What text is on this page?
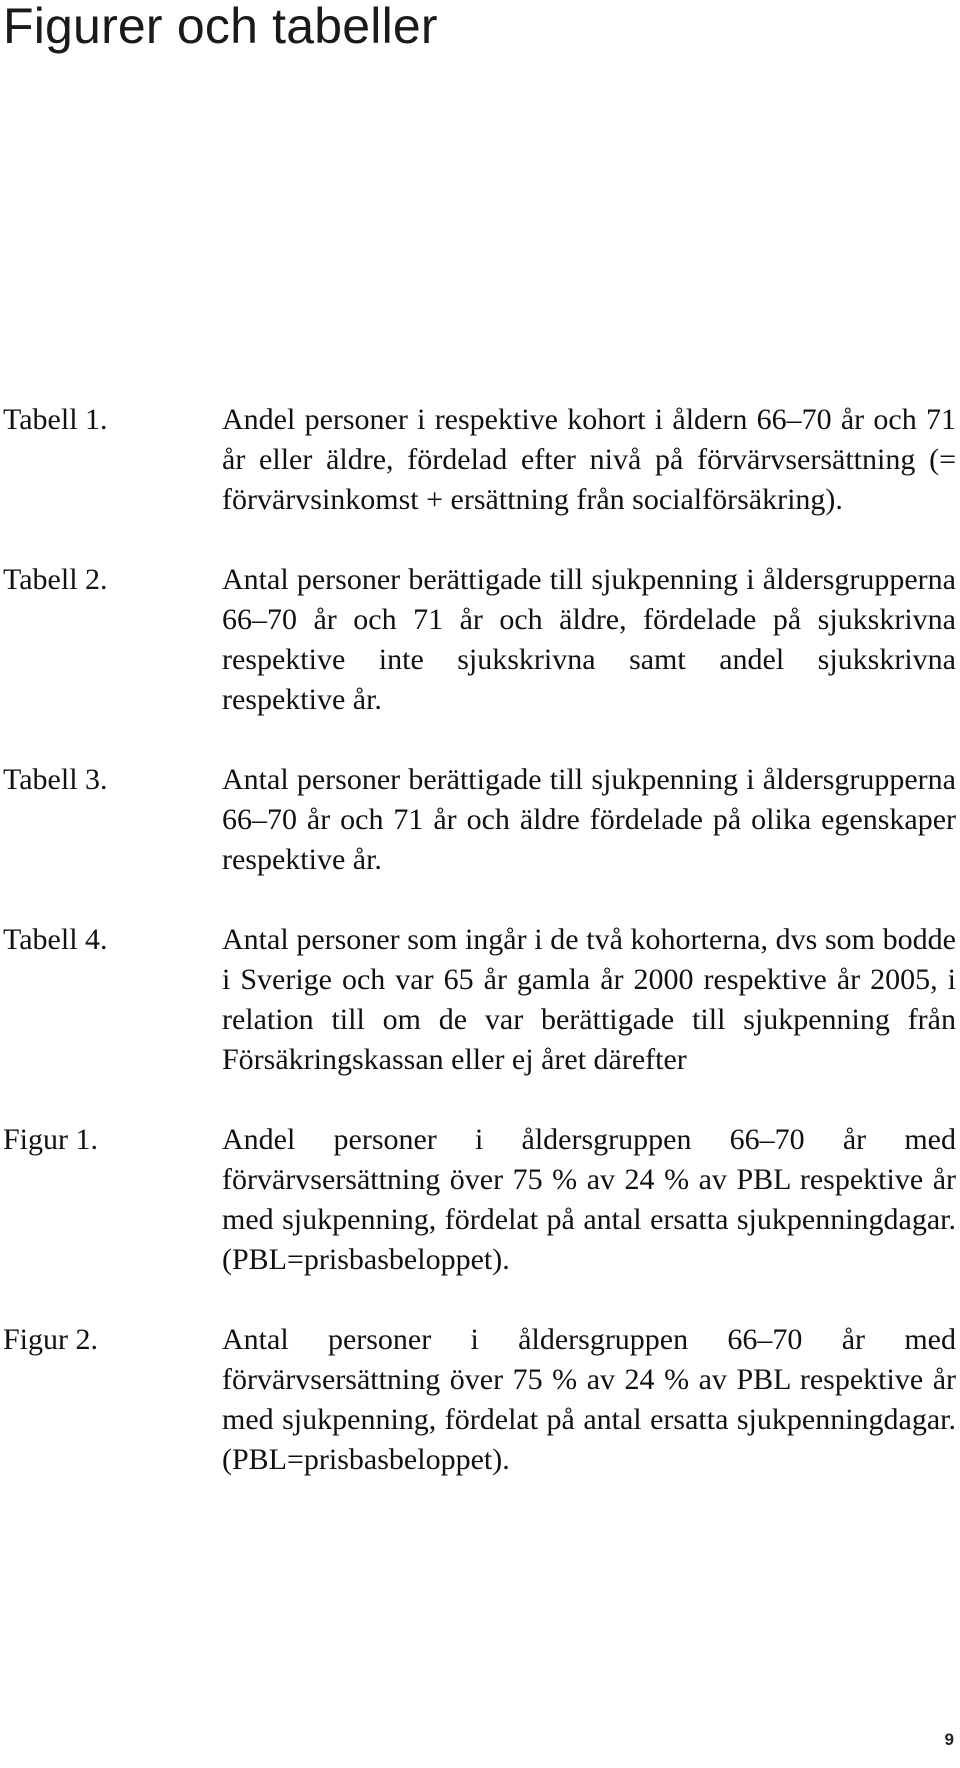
Figurer och tabeller
Tabell 1.	Andel personer i respektive kohort i åldern 66–70 år och 71 år eller äldre, fördelad efter nivå på förvärvsersättning (= förvärvsinkomst + ersättning från socialförsäkring).
Tabell 2.	Antal personer berättigade till sjukpenning i åldersgrupperna 66–70 år och 71 år och äldre, fördelade på sjukskrivna respektive inte sjukskrivna samt andel sjukskrivna respektive år.
Tabell 3.	Antal personer berättigade till sjukpenning i åldersgrupperna 66–70 år och 71 år och äldre fördelade på olika egenskaper respektive år.
Tabell 4.	Antal personer som ingår i de två kohorterna, dvs som bodde i Sverige och var 65 år gamla år 2000 respektive år 2005, i relation till om de var berättigade till sjukpenning från Försäkringskassan eller ej året därefter
Figur 1.	Andel personer i åldersgruppen 66–70 år med förvärvsersättning över 75 % av 24 % av PBL respektive år med sjukpenning, fördelat på antal ersatta sjukpenningdagar. (PBL=prisbasbeloppet).
Figur 2.	Antal personer i åldersgruppen 66–70 år med förvärvsersättning över 75 % av 24 % av PBL respektive år med sjukpenning, fördelat på antal ersatta sjukpenningdagar. (PBL=prisbasbeloppet).
9
